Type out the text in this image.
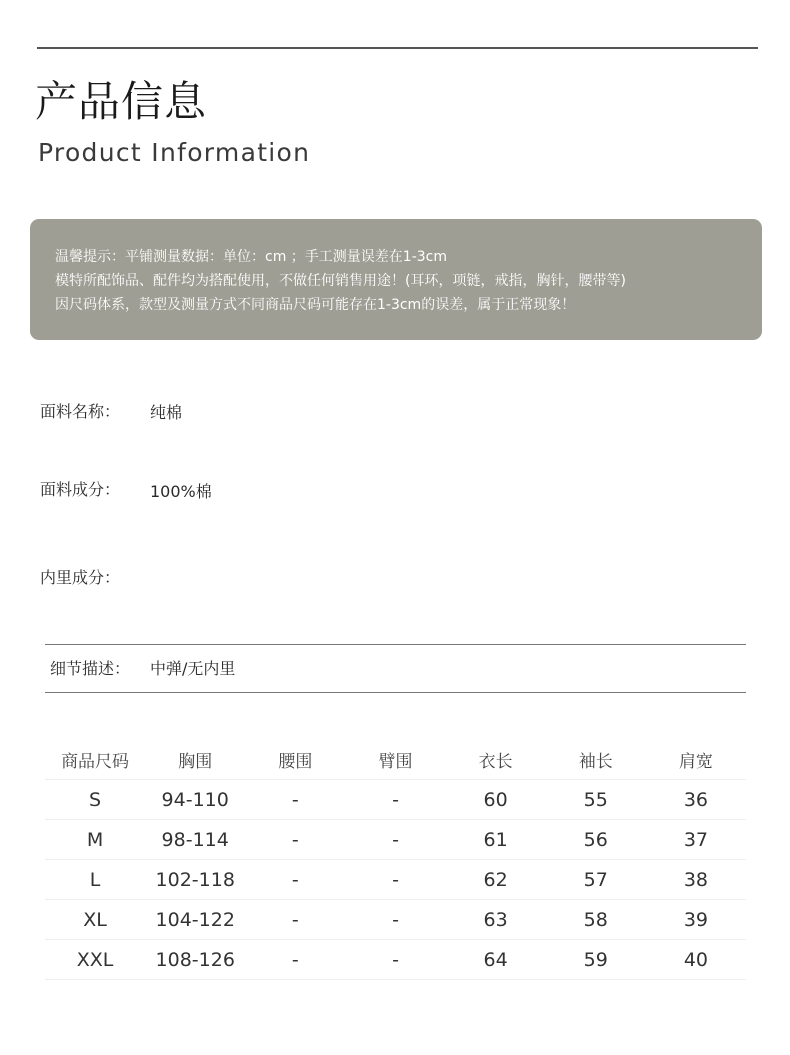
产品信息
Product Information
温馨提示：平铺测量数据：单位：cm ；手工测量误差在1-3cm
模特所配饰品、配件均为搭配使用，不做任何销售用途！(耳环，项链，戒指，胸针，腰带等)
因尺码体系，款型及测量方式不同商品尺码可能存在1-3cm的误差，属于正常现象！
面料名称： 纯棉
面料成分： 100%棉
内里成分：
细节描述： 中弹/无内里
商品尺码	胸围	腰围	臂围	衣长	袖长	肩宽
S	94-110	-	-	60	55	36
M	98-114	-	-	61	56	37
L	102-118	-	-	62	57	38
XL	104-122	-	-	63	58	39
XXL	108-126	-	-	64	59	40
